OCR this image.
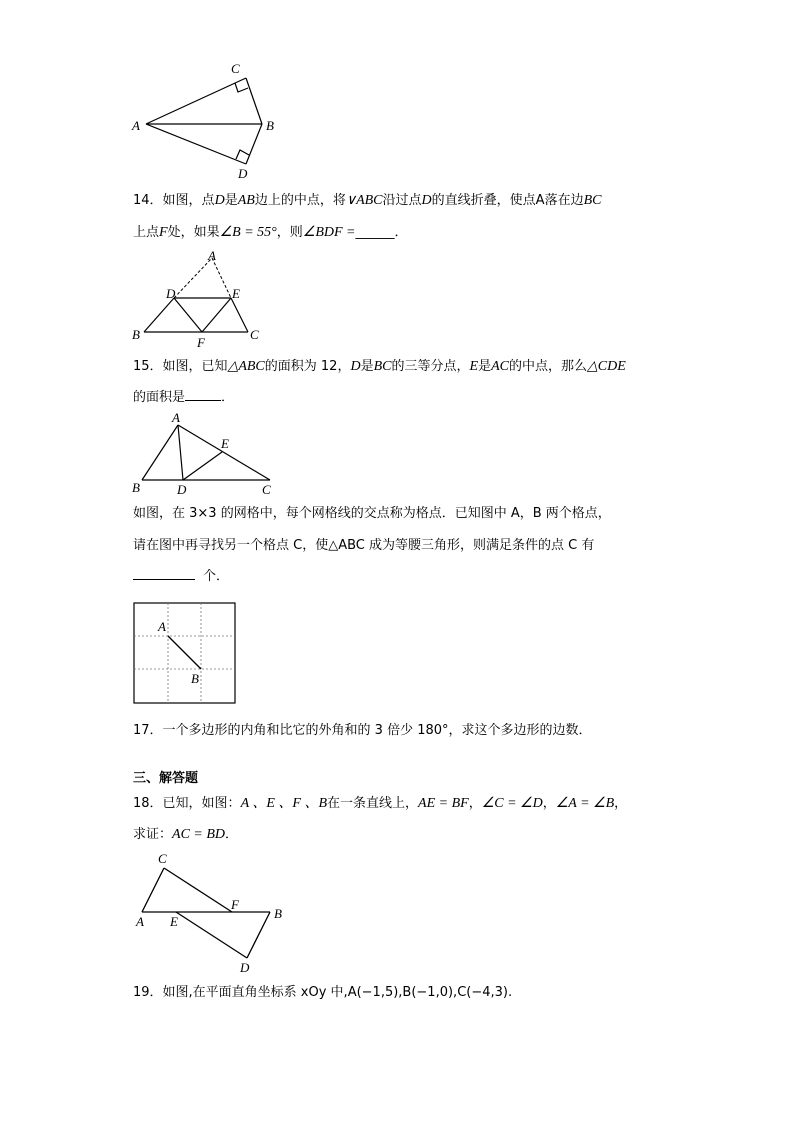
A	B
C
D
14．如图，点D是AB边上的中点，将∨ABC沿过点D的直线折叠，使点A落在边BC
上点F处，如果∠B = 55°，则∠BDF =______．
A
D	E
B
F
C
15．如图，已知△ABC的面积为 12，D是BC的三等分点，E是AC的中点，那么△CDE
的面积是	．
A
E
B	D	C
如图，在 3×3 的网格中，每个网格线的交点称为格点．已知图中 A，B 两个格点，
请在图中再寻找另一个格点 C，使△ABC 成为等腰三角形，则满足条件的点 C 有
个．
A
B
17．一个多边形的内角和比它的外角和的 3 倍少 180°，求这个多边形的边数．
三、解答题
18．已知，如图：A 、E 、F 、B在一条直线上，AE = BF，∠C = ∠D，∠A = ∠B，
求证：AC = BD．
C
F
B
A E
D
19．如图,在平面直角坐标系 xOy 中,A(−1,5),B(−1,0),C(−4,3).
